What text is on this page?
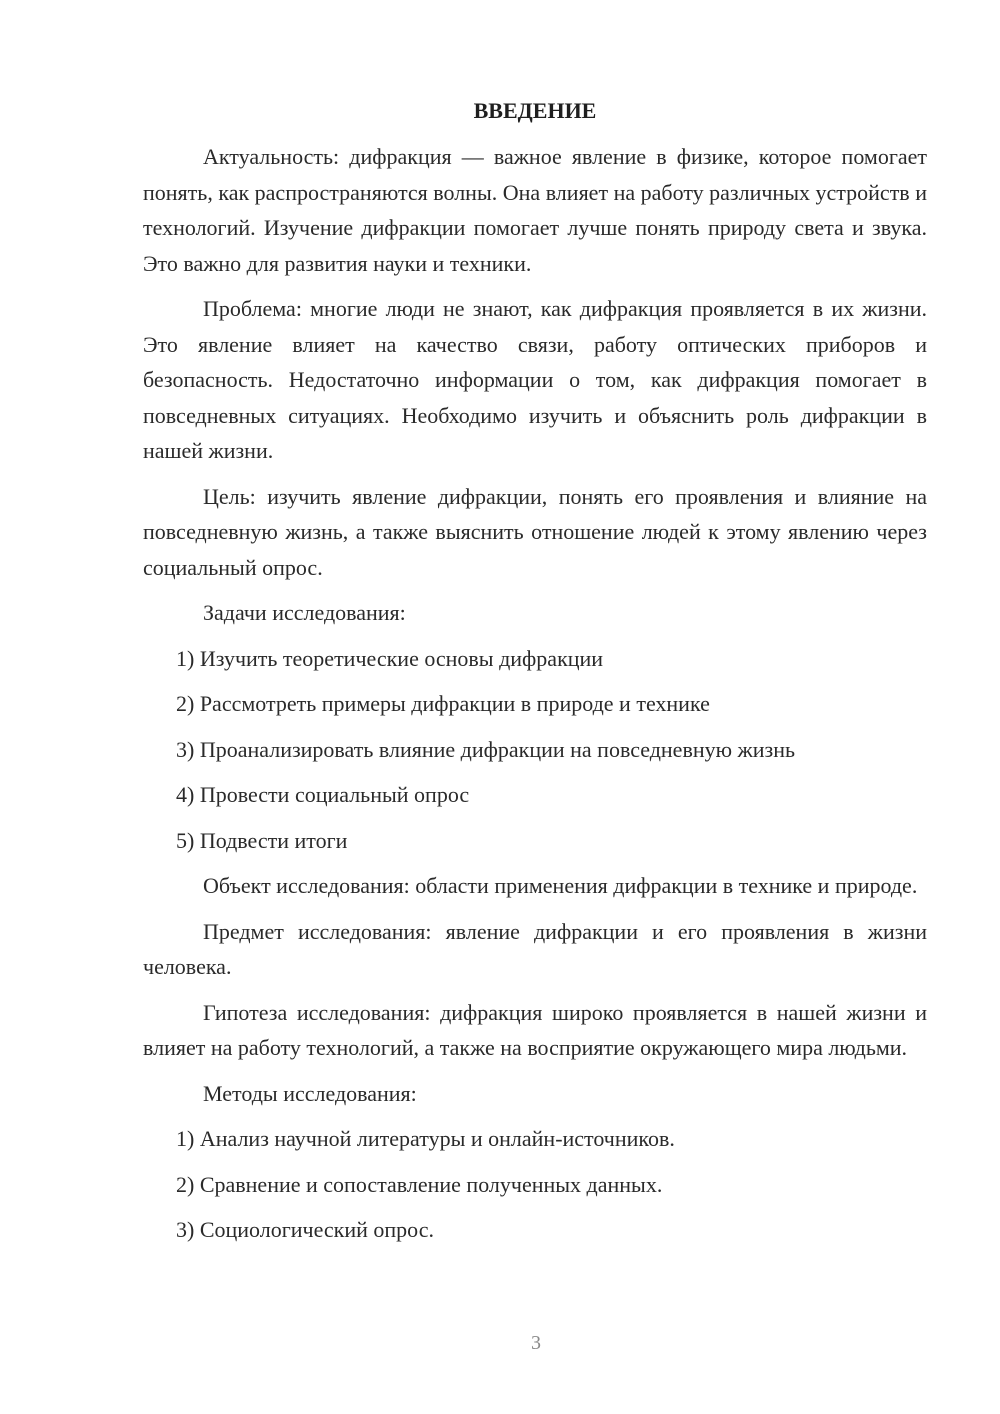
ВВЕДЕНИЕ

Актуальность: дифракция — важное явление в физике, которое помогает понять, как распространяются волны. Она влияет на работу различных устройств и технологий. Изучение дифракции помогает лучше понять природу света и звука. Это важно для развития науки и техники.

Проблема: многие люди не знают, как дифракция проявляется в их жизни. Это явление влияет на качество связи, работу оптических приборов и безопасность. Недостаточно информации о том, как дифракция помогает в повседневных ситуациях. Необходимо изучить и объяснить роль дифракции в нашей жизни.

Цель: изучить явление дифракции, понять его проявления и влияние на повседневную жизнь, а также выяснить отношение людей к этому явлению через социальный опрос.

Задачи исследования:

1) Изучить теоретические основы дифракции
2) Рассмотреть примеры дифракции в природе и технике
3) Проанализировать влияние дифракции на повседневную жизнь
4) Провести социальный опрос
5) Подвести итоги

Объект исследования: области применения дифракции в технике и природе.

Предмет исследования: явление дифракции и его проявления в жизни человека.

Гипотеза исследования: дифракция широко проявляется в нашей жизни и влияет на работу технологий, а также на восприятие окружающего мира людьми.

Методы исследования:

1) Анализ научной литературы и онлайн-источников.
2) Сравнение и сопоставление полученных данных.
3) Социологический опрос.
3
